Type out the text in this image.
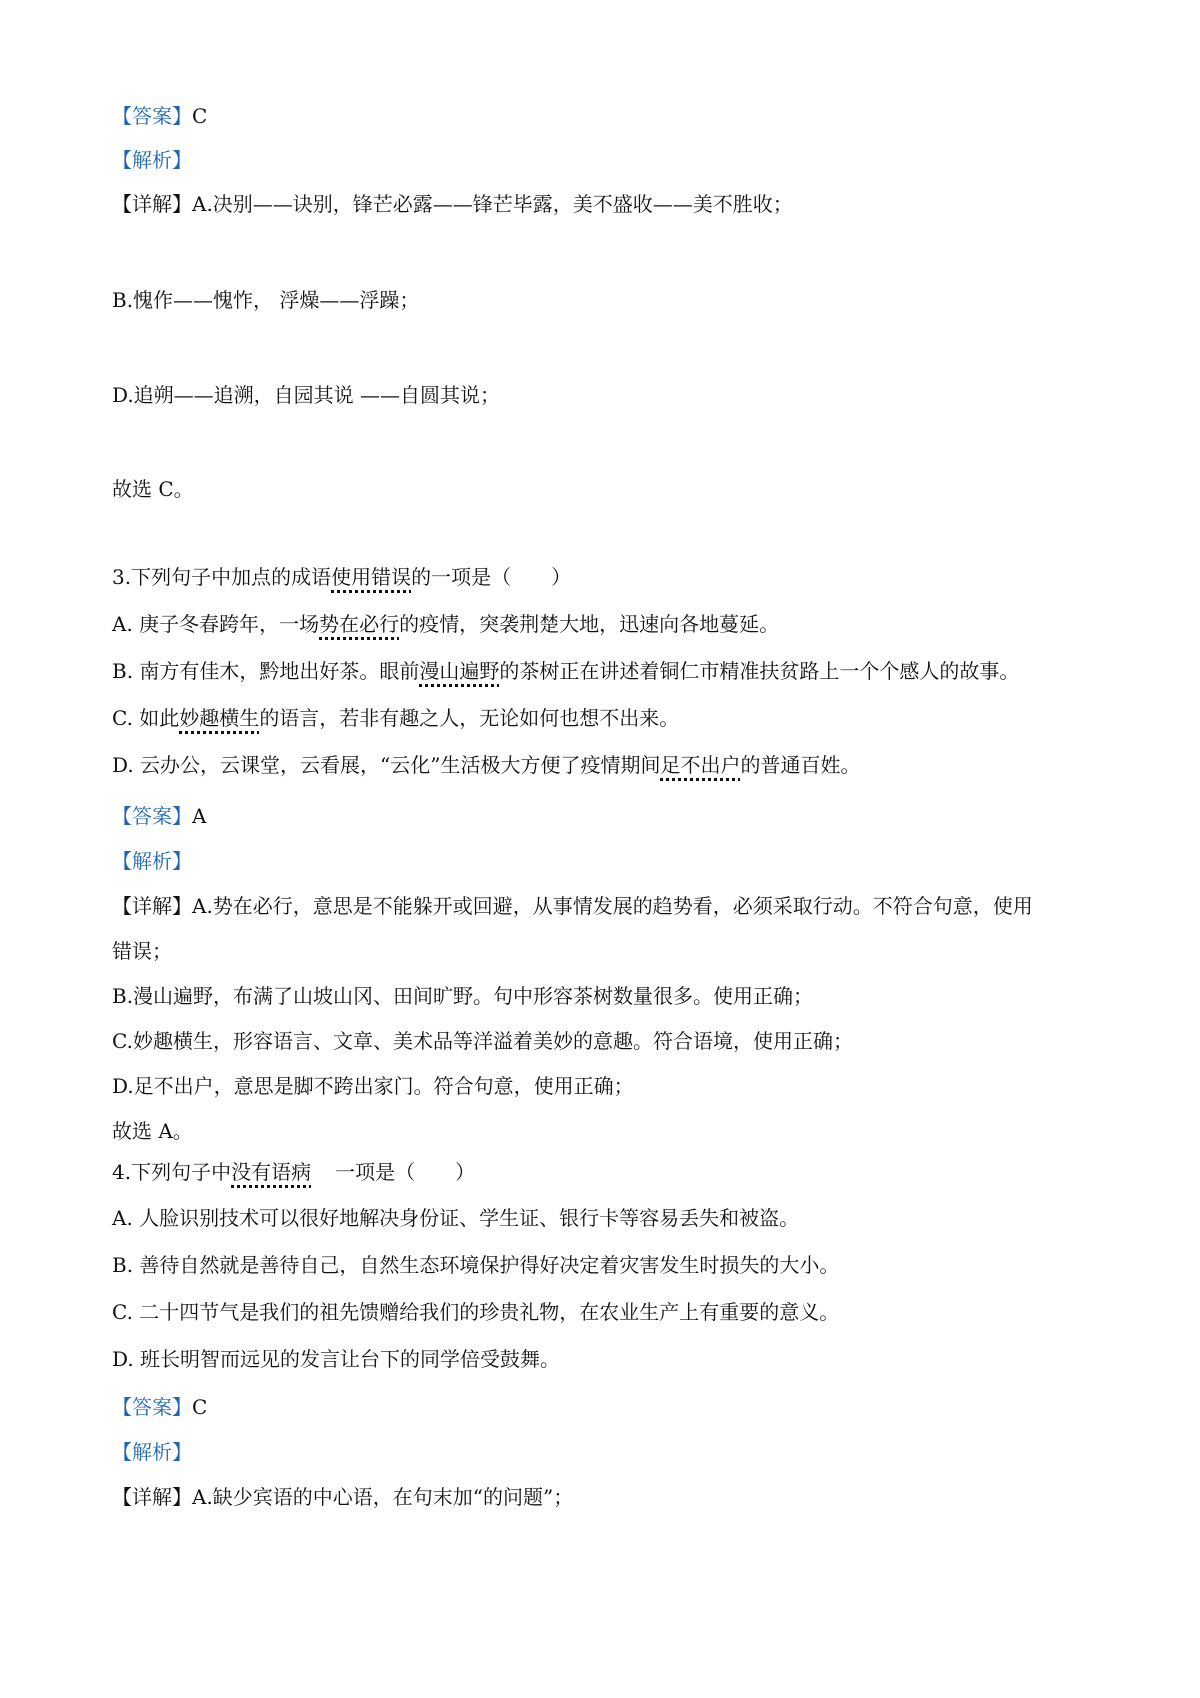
【答案】C
【解析】
【详解】A.决别——诀别，锋芒必露——锋芒毕露，美不盛收——美不胜收；
B.愧作——愧怍， 浮燥——浮躁；
D.追朔——追溯，自园其说 ——自圆其说；
故选 C。
3.下列句子中加点的成语使用错误的一项是（　　）
A. 庚子冬春跨年，一场势在必行的疫情，突袭荆楚大地，迅速向各地蔓延。
B. 南方有佳木，黔地出好茶。眼前漫山遍野的茶树正在讲述着铜仁市精准扶贫路上一个个感人的故事。
C. 如此妙趣横生的语言，若非有趣之人，无论如何也想不出来。
D. 云办公，云课堂，云看展，“云化”生活极大方便了疫情期间足不出户的普通百姓。
【答案】A
【解析】
【详解】A.势在必行，意思是不能躲开或回避，从事情发展的趋势看，必须采取行动。不符合句意，使用
错误；
B.漫山遍野，布满了山坡山冈、田间旷野。句中形容茶树数量很多。使用正确；
C.妙趣横生，形容语言、文章、美术品等洋溢着美妙的意趣。符合语境，使用正确；
D.足不出户，意思是脚不跨出家门。符合句意，使用正确；
故选 A。
4.下列句子中没有语病 一项是（　　）
A. 人脸识别技术可以很好地解决身份证、学生证、银行卡等容易丢失和被盗。
B. 善待自然就是善待自己，自然生态环境保护得好决定着灾害发生时损失的大小。
C. 二十四节气是我们的祖先馈赠给我们的珍贵礼物，在农业生产上有重要的意义。
D. 班长明智而远见的发言让台下的同学倍受鼓舞。
【答案】C
【解析】
【详解】A.缺少宾语的中心语，在句末加“的问题”；
